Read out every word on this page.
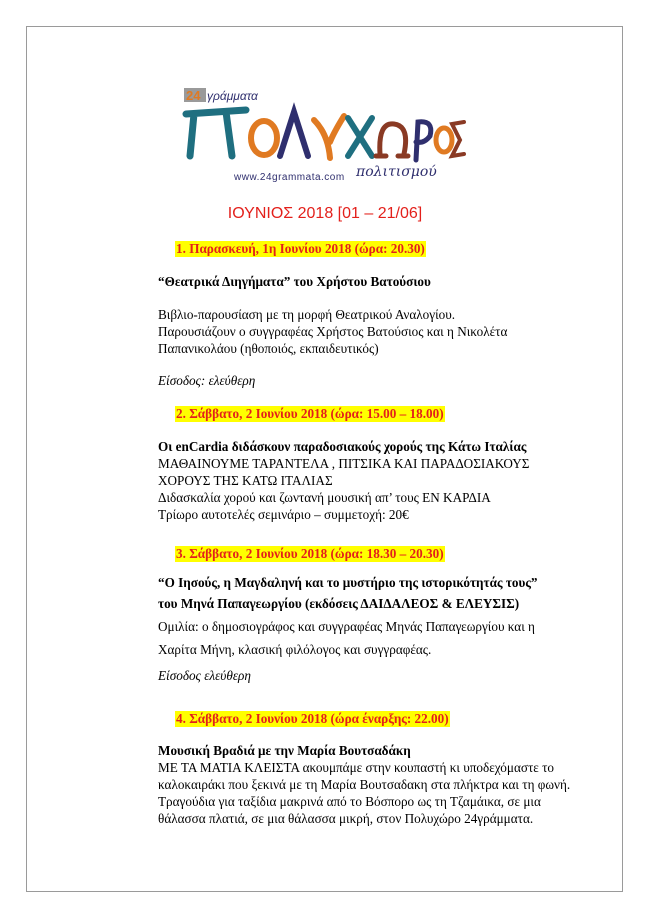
24 γράμματα
πολιτισμού
www.24grammata.com
ΙΟΥΝΙΟΣ 2018 [01 – 21/06]
1. Παρασκευή, 1η Ιουνίου 2018 (ώρα: 20.30)

“Θεατρικά Διηγήματα” του Χρήστου Βατούσιου

Βιβλιο-παρουσίαση με τη μορφή Θεατρικού Αναλογίου.
Παρουσιάζουν ο συγγραφέας Χρήστος Βατούσιος και η Νικολέτα
Παπανικολάου (ηθοποιός, εκπαιδευτικός)

Είσοδος: ελεύθερη

2. Σάββατο, 2 Ιουνίου 2018 (ώρα: 15.00 – 18.00)
Οι enCardia διδάσκουν παραδοσιακούς χορούς της Κάτω Ιταλίας
ΜΑΘΑΙΝΟΥΜΕ ΤΑΡΑΝΤΕΛΑ , ΠΙΤΣΙΚΑ ΚΑΙ ΠΑΡΑΔΟΣΙΑΚΟΥΣ
ΧΟΡΟΥΣ ΤΗΣ ΚΑΤΩ ΙΤΑΛΙΑΣ
Διδασκαλία χορού και ζωντανή μουσική απ’ τους ΕΝ ΚΑΡΔΙΑ
Τρίωρο αυτοτελές σεμινάριο – συμμετοχή: 20€
3. Σάββατο, 2 Ιουνίου 2018 (ώρα: 18.30 – 20.30)

“Ο Ιησούς, η Μαγδαληνή και το μυστήριο της ιστορικότητάς τους”

του Μηνά Παπαγεωργίου (εκδόσεις ΔΑΙΔΑΛΕΟΣ & ΕΛΕΥΣΙΣ)

Ομιλία: ο δημοσιογράφος και συγγραφέας Μηνάς Παπαγεωργίου και η

Χαρίτα Μήνη, κλασική φιλόλογος και συγγραφέας.

Είσοδος ελεύθερη

4. Σάββατο, 2 Ιουνίου 2018 (ώρα έναρξης: 22.00)
Μουσική Βραδιά με την Μαρία Βουτσαδάκη
ΜΕ ΤΑ ΜΑΤΙΑ ΚΛΕΙΣΤΑ ακουμπάμε στην κουπαστή κι υποδεχόμαστε το
καλοκαιράκι που ξεκινά με τη Μαρία Βουτσαδακη στα πλήκτρα και τη φωνή.
Τραγούδια για ταξίδια μακρινά από το Βόσπορο ως τη Τζαμάικα, σε μια
θάλασσα πλατιά, σε μια θάλασσα μικρή, στον Πολυχώρο 24γράμματα.
